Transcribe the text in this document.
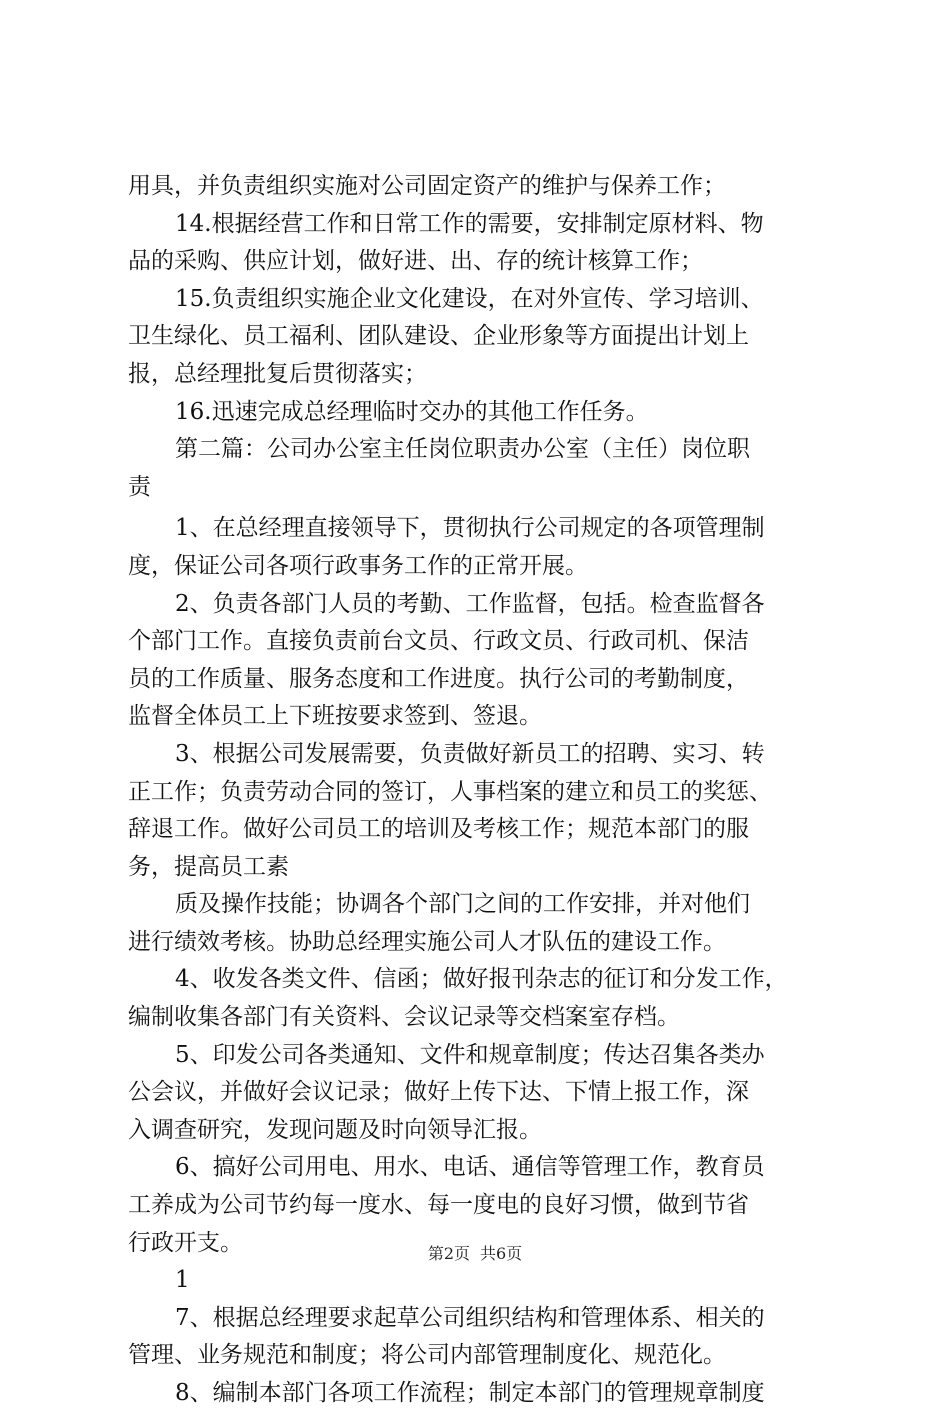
用具，并负责组织实施对公司固定资产的维护与保养工作；
14.根据经营工作和日常工作的需要，安排制定原材料、物
品的采购、供应计划，做好进、出、存的统计核算工作；
15.负责组织实施企业文化建设，在对外宣传、学习培训、
卫生绿化、员工福利、团队建设、企业形象等方面提出计划上
报，总经理批复后贯彻落实；
16.迅速完成总经理临时交办的其他工作任务。
第二篇：公司办公室主任岗位职责办公室（主任）岗位职
责
1、在总经理直接领导下，贯彻执行公司规定的各项管理制
度，保证公司各项行政事务工作的正常开展。
2、负责各部门人员的考勤、工作监督，包括。检查监督各
个部门工作。直接负责前台文员、行政文员、行政司机、保洁
员的工作质量、服务态度和工作进度。执行公司的考勤制度，
监督全体员工上下班按要求签到、签退。
3、根据公司发展需要，负责做好新员工的招聘、实习、转
正工作；负责劳动合同的签订，人事档案的建立和员工的奖惩、
辞退工作。做好公司员工的培训及考核工作；规范本部门的服
务，提高员工素
质及操作技能；协调各个部门之间的工作安排，并对他们
进行绩效考核。协助总经理实施公司人才队伍的建设工作。
4、收发各类文件、信函；做好报刊杂志的征订和分发工作，
编制收集各部门有关资料、会议记录等交档案室存档。
5、印发公司各类通知、文件和规章制度；传达召集各类办
公会议，并做好会议记录；做好上传下达、下情上报工作，深
入调查研究，发现问题及时向领导汇报。
6、搞好公司用电、用水、电话、通信等管理工作，教育员
工养成为公司节约每一度水、每一度电的良好习惯，做到节省
行政开支。
1
7、根据总经理要求起草公司组织结构和管理体系、相关的
管理、业务规范和制度；将公司内部管理制度化、规范化。
8、编制本部门各项工作流程；制定本部门的管理规章制度
第2页 共6页
